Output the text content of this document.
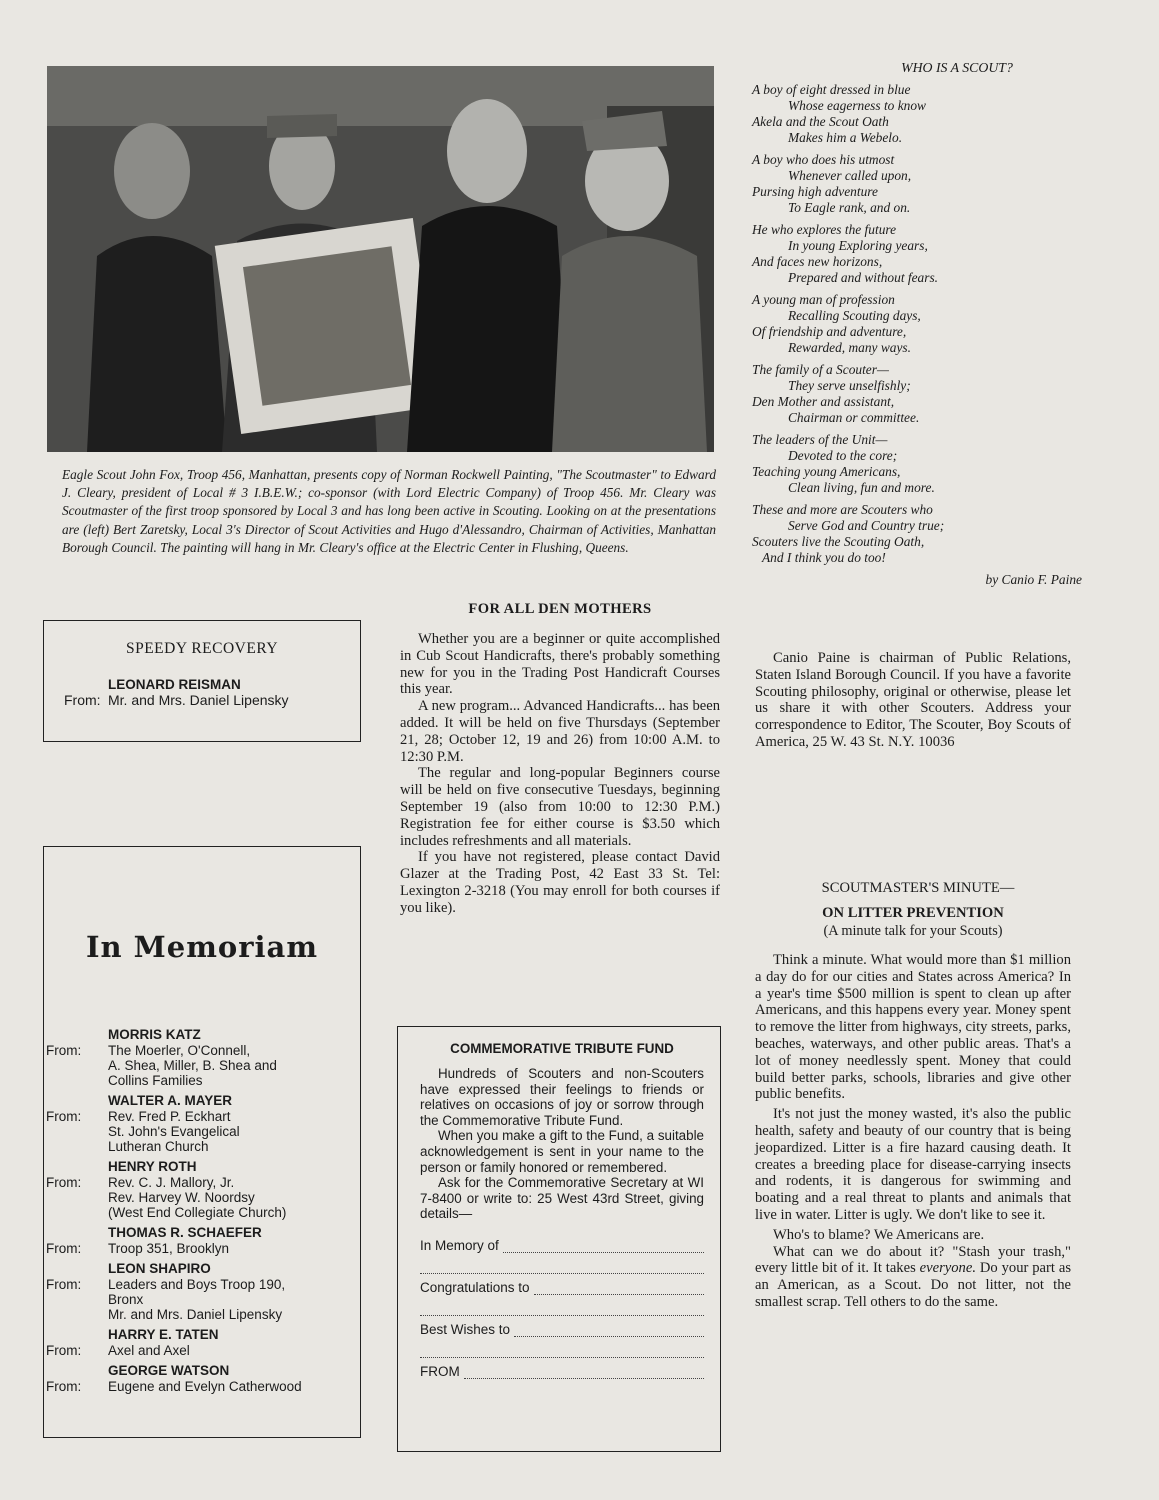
Eagle Scout John Fox, Troop 456, Manhattan, presents copy of Norman Rockwell Painting, "The Scoutmaster" to Edward J. Cleary, president of Local # 3 I.B.E.W.; co-sponsor (with Lord Electric Company) of Troop 456. Mr. Cleary was Scoutmaster of the first troop sponsored by Local 3 and has long been active in Scouting. Looking on at the presentations are (left) Bert Zaretsky, Local 3's Director of Scout Activities and Hugo d'Alessandro, Chairman of Activities, Manhattan Borough Council. The painting will hang in Mr. Cleary's office at the Electric Center in Flushing, Queens.
SPEEDY RECOVERY
LEONARD REISMAN
From: Mr. and Mrs. Daniel Lipensky
In Memoriam
MORRIS KATZ
From:	The Moerler, O'Connell,
A. Shea, Miller, B. Shea and
Collins Families
WALTER A. MAYER
From:	Rev. Fred P. Eckhart
St. John's Evangelical
Lutheran Church
HENRY ROTH
From:	Rev. C. J. Mallory, Jr.
Rev. Harvey W. Noordsy
(West End Collegiate Church)
THOMAS R. SCHAEFER
From:	Troop 351, Brooklyn
LEON SHAPIRO
From:	Leaders and Boys Troop 190,
Bronx
Mr. and Mrs. Daniel Lipensky
HARRY E. TATEN
From:	Axel and Axel
GEORGE WATSON
From:	Eugene and Evelyn Catherwood
FOR ALL DEN MOTHERS

Whether you are a beginner or quite accomplished in Cub Scout Handicrafts, there's probably something new for you in the Trading Post Handicraft Courses this year.

A new program... Advanced Handicrafts... has been added. It will be held on five Thursdays (September 21, 28; October 12, 19 and 26) from 10:00 A.M. to 12:30 P.M.

The regular and long-popular Beginners course will be held on five consecutive Tuesdays, beginning September 19 (also from 10:00 to 12:30 P.M.) Registration fee for either course is $3.50 which includes refreshments and all materials.

If you have not registered, please contact David Glazer at the Trading Post, 42 East 33 St. Tel: Lexington 2-3218 (You may enroll for both courses if you like).

COMMEMORATIVE TRIBUTE FUND

Hundreds of Scouters and non-Scouters have expressed their feelings to friends or relatives on occasions of joy or sorrow through the Commemorative Tribute Fund.

When you make a gift to the Fund, a suitable acknowledgement is sent in your name to the person or family honored or remembered.

Ask for the Commemorative Secretary at WI 7-8400 or write to: 25 West 43rd Street, giving details—

In Memory of
Congratulations to
Best Wishes to
FROM
WHO IS A SCOUT?
A boy of eight dressed in blue
Whose eagerness to know
Akela and the Scout Oath
Makes him a Webelo.
A boy who does his utmost
Whenever called upon,
Pursing high adventure
To Eagle rank, and on.
He who explores the future
In young Exploring years,
And faces new horizons,
Prepared and without fears.
A young man of profession
Recalling Scouting days,
Of friendship and adventure,
Rewarded, many ways.
The family of a Scouter—
They serve unselfishly;
Den Mother and assistant,
Chairman or committee.
The leaders of the Unit—
Devoted to the core;
Teaching young Americans,
Clean living, fun and more.
These and more are Scouters who
Serve God and Country true;
Scouters live the Scouting Oath,
And I think you do too!
by Canio F. Paine

Canio Paine is chairman of Public Relations, Staten Island Borough Council. If you have a favorite Scouting philosophy, original or otherwise, please let us share it with other Scouters. Address your correspondence to Editor, The Scouter, Boy Scouts of America, 25 W. 43 St. N.Y. 10036

SCOUTMASTER'S MINUTE—
ON LITTER PREVENTION
(A minute talk for your Scouts)

Think a minute. What would more than $1 million a day do for our cities and States across America? In a year's time $500 million is spent to clean up after Americans, and this happens every year. Money spent to remove the litter from highways, city streets, parks, beaches, waterways, and other public areas. That's a lot of money needlessly spent. Money that could build better parks, schools, libraries and give other public benefits.

It's not just the money wasted, it's also the public health, safety and beauty of our country that is being jeopardized. Litter is a fire hazard causing death. It creates a breeding place for disease-carrying insects and rodents, it is dangerous for swimming and boating and a real threat to plants and animals that live in water. Litter is ugly. We don't like to see it.

Who's to blame? We Americans are.

What can we do about it? "Stash your trash," every little bit of it. It takes everyone. Do your part as an American, as a Scout. Do not litter, not the smallest scrap. Tell others to do the same.
